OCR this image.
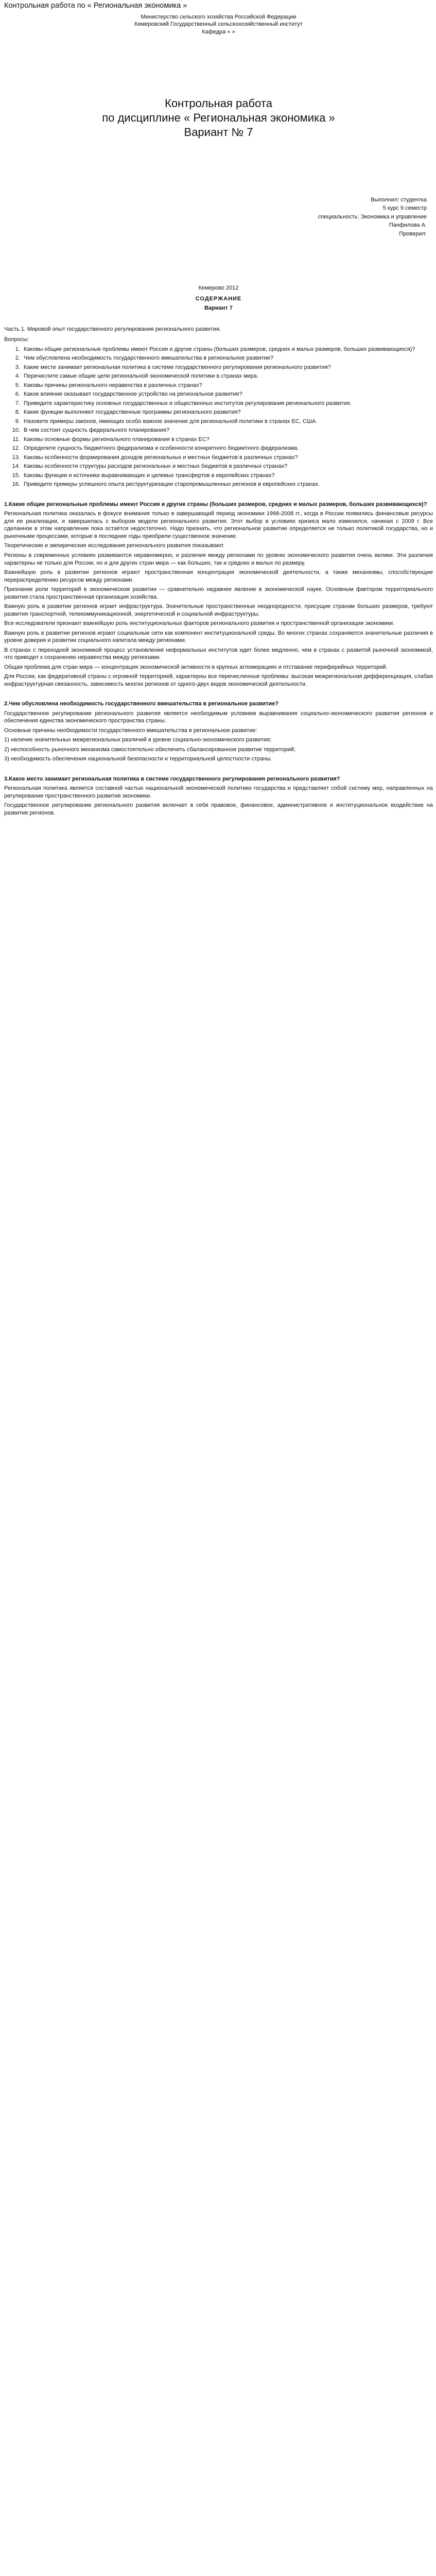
Контрольная работа по « Региональная экономика »
Министерство сельского хозяйства Российской Федерации
Кемеровский Государственный сельскохозяйственный институт
Кафедра « »
Контрольная работа
по дисциплине « Региональная экономика »
Вариант № 7
Выполнил: студентка
5 курс 9 семестр
специальность: Экономика и управление
Панфилова А.
Проверил:
Кемерово 2012
СОДЕРЖАНИЕ
Вариант 7
Часть 1. Мировой опыт государственного регулирования регионального развития.
Вопросы:
1. Каковы общие региональные проблемы имеют Россия и другие страны (больших размеров, средних и малых размеров, больших развивающихся)?
2. Чем обусловлена необходимость государственного вмешательства в региональное развитие?
3. Какие месте занимает региональная политика в системе государственного регулирования регионального развития?
4. Перечислите самые общие цели региональной экономической политики в странах мира.
5. Каковы причины регионального неравенства в различных странах?
6. Какое влияние оказывает государственное устройство на региональное развитие?
7. Приведите характеристику основных государственных и общественных институтов регулирования регионального развития.
8. Какие функции выполняют государственные программы регионального развития?
9. Назовите примеры законов, имеющих особо важное значение для региональной политики в странах ЕС, США.
10. В чем состоит сущность федерального планирования?
11. Каковы основные формы регионального планирования в странах ЕС?
12. Определите сущность бюджетного федерализма и особенности конкретного бюджетного федерализма.
13. Каковы особенности формирования доходов региональных и местных бюджетов в различных странах?
14. Каковы особенности структуры расходов региональных и местных бюджетов в различных странах?
15. Каковы функции и источники выравнивающих и целевых трансфертов в европейских странах?
16. Приведите примеры успешного опыта реструктуризации старопромышленных регионов в европейских странах.

1.Какие общие региональные проблемы имеют Россия и другие страны (больших размеров, средних и малых размеров, больших развивающихся)?

Региональная политика оказалась в фокусе внимания только в завершающий период экономики 1998-2008 гг., когда в России появились финансовые ресурсы для ее реализации, и завершилась с выбором модели регионального развития. Этот выбор в условиях кризиса мало изменился, начиная с 2009 г. Все сделанное в этом направлении пока остаётся недостаточно. Надо признать, что региональное развитие определяется не только политикой государства, но и рыночными процессами, которые в последние годы приобрели существенное значение.

Теоретические и эмпирические исследования регионального развития показывают.

Регионы в современных условиях развиваются неравномерно, и различия между регионами по уровню экономического развития очень велики. Эти различия характерны не только для России, но и для других стран мира — как больших, так и средних и малых по размеру.

Важнейшую роль в развитии регионов играют пространственная концентрация экономической деятельности, а также механизмы, способствующие перераспределению ресурсов между регионами.

Признание роли территорий в экономическом развитии — сравнительно недавнее явление в экономической науке. Основным фактором территориального развития стала пространственная организация хозяйства.

Важную роль в развитии регионов играет инфраструктура. Значительные пространственные неоднородности, присущие странам больших размеров, требуют развития транспортной, телекоммуникационной, энергетической и социальной инфраструктуры.

Все исследователи признают важнейшую роль институциональных факторов регионального развития и пространственной организации экономики.

Важную роль в развитии регионов играют социальные сети как компонент институциональной среды. Во многих странах сохраняются значительные различия в уровне доверия и развитии социального капитала между регионами.

В странах с переходной экономикой процесс установления неформальных институтов идет более медленно, чем в странах с развитой рыночной экономикой, что приводит к сохранению неравенства между регионами.

Общая проблема для стран мира — концентрация экономической активности в крупных агломерациях и отставание периферийных территорий.

Для России, как федеративной страны с огромной территорией, характерны все перечисленные проблемы: высокая межрегиональная дифференциация, слабая инфраструктурная связанность, зависимость многих регионов от одного-двух видов экономической деятельности.

2.Чем обусловлена необходимость государственного вмешательства в региональное развитие?

Государственное регулирование регионального развития является необходимым условием выравнивания социально-экономического развития регионов и обеспечения единства экономического пространства страны.

Основные причины необходимости государственного вмешательства в региональное развитие:

1) наличие значительных межрегиональных различий в уровне социально-экономического развития;

2) неспособность рыночного механизма самостоятельно обеспечить сбалансированное развитие территорий;

3) необходимость обеспечения национальной безопасности и территориальной целостности страны.

3.Какое место занимает региональная политика в системе государственного регулирования регионального развития?

Региональная политика является составной частью национальной экономической политики государства и представляет собой систему мер, направленных на регулирование пространственного развития экономики.

Государственное регулирование регионального развития включает в себя правовое, финансовое, административное и институциональное воздействие на развитие регионов.
